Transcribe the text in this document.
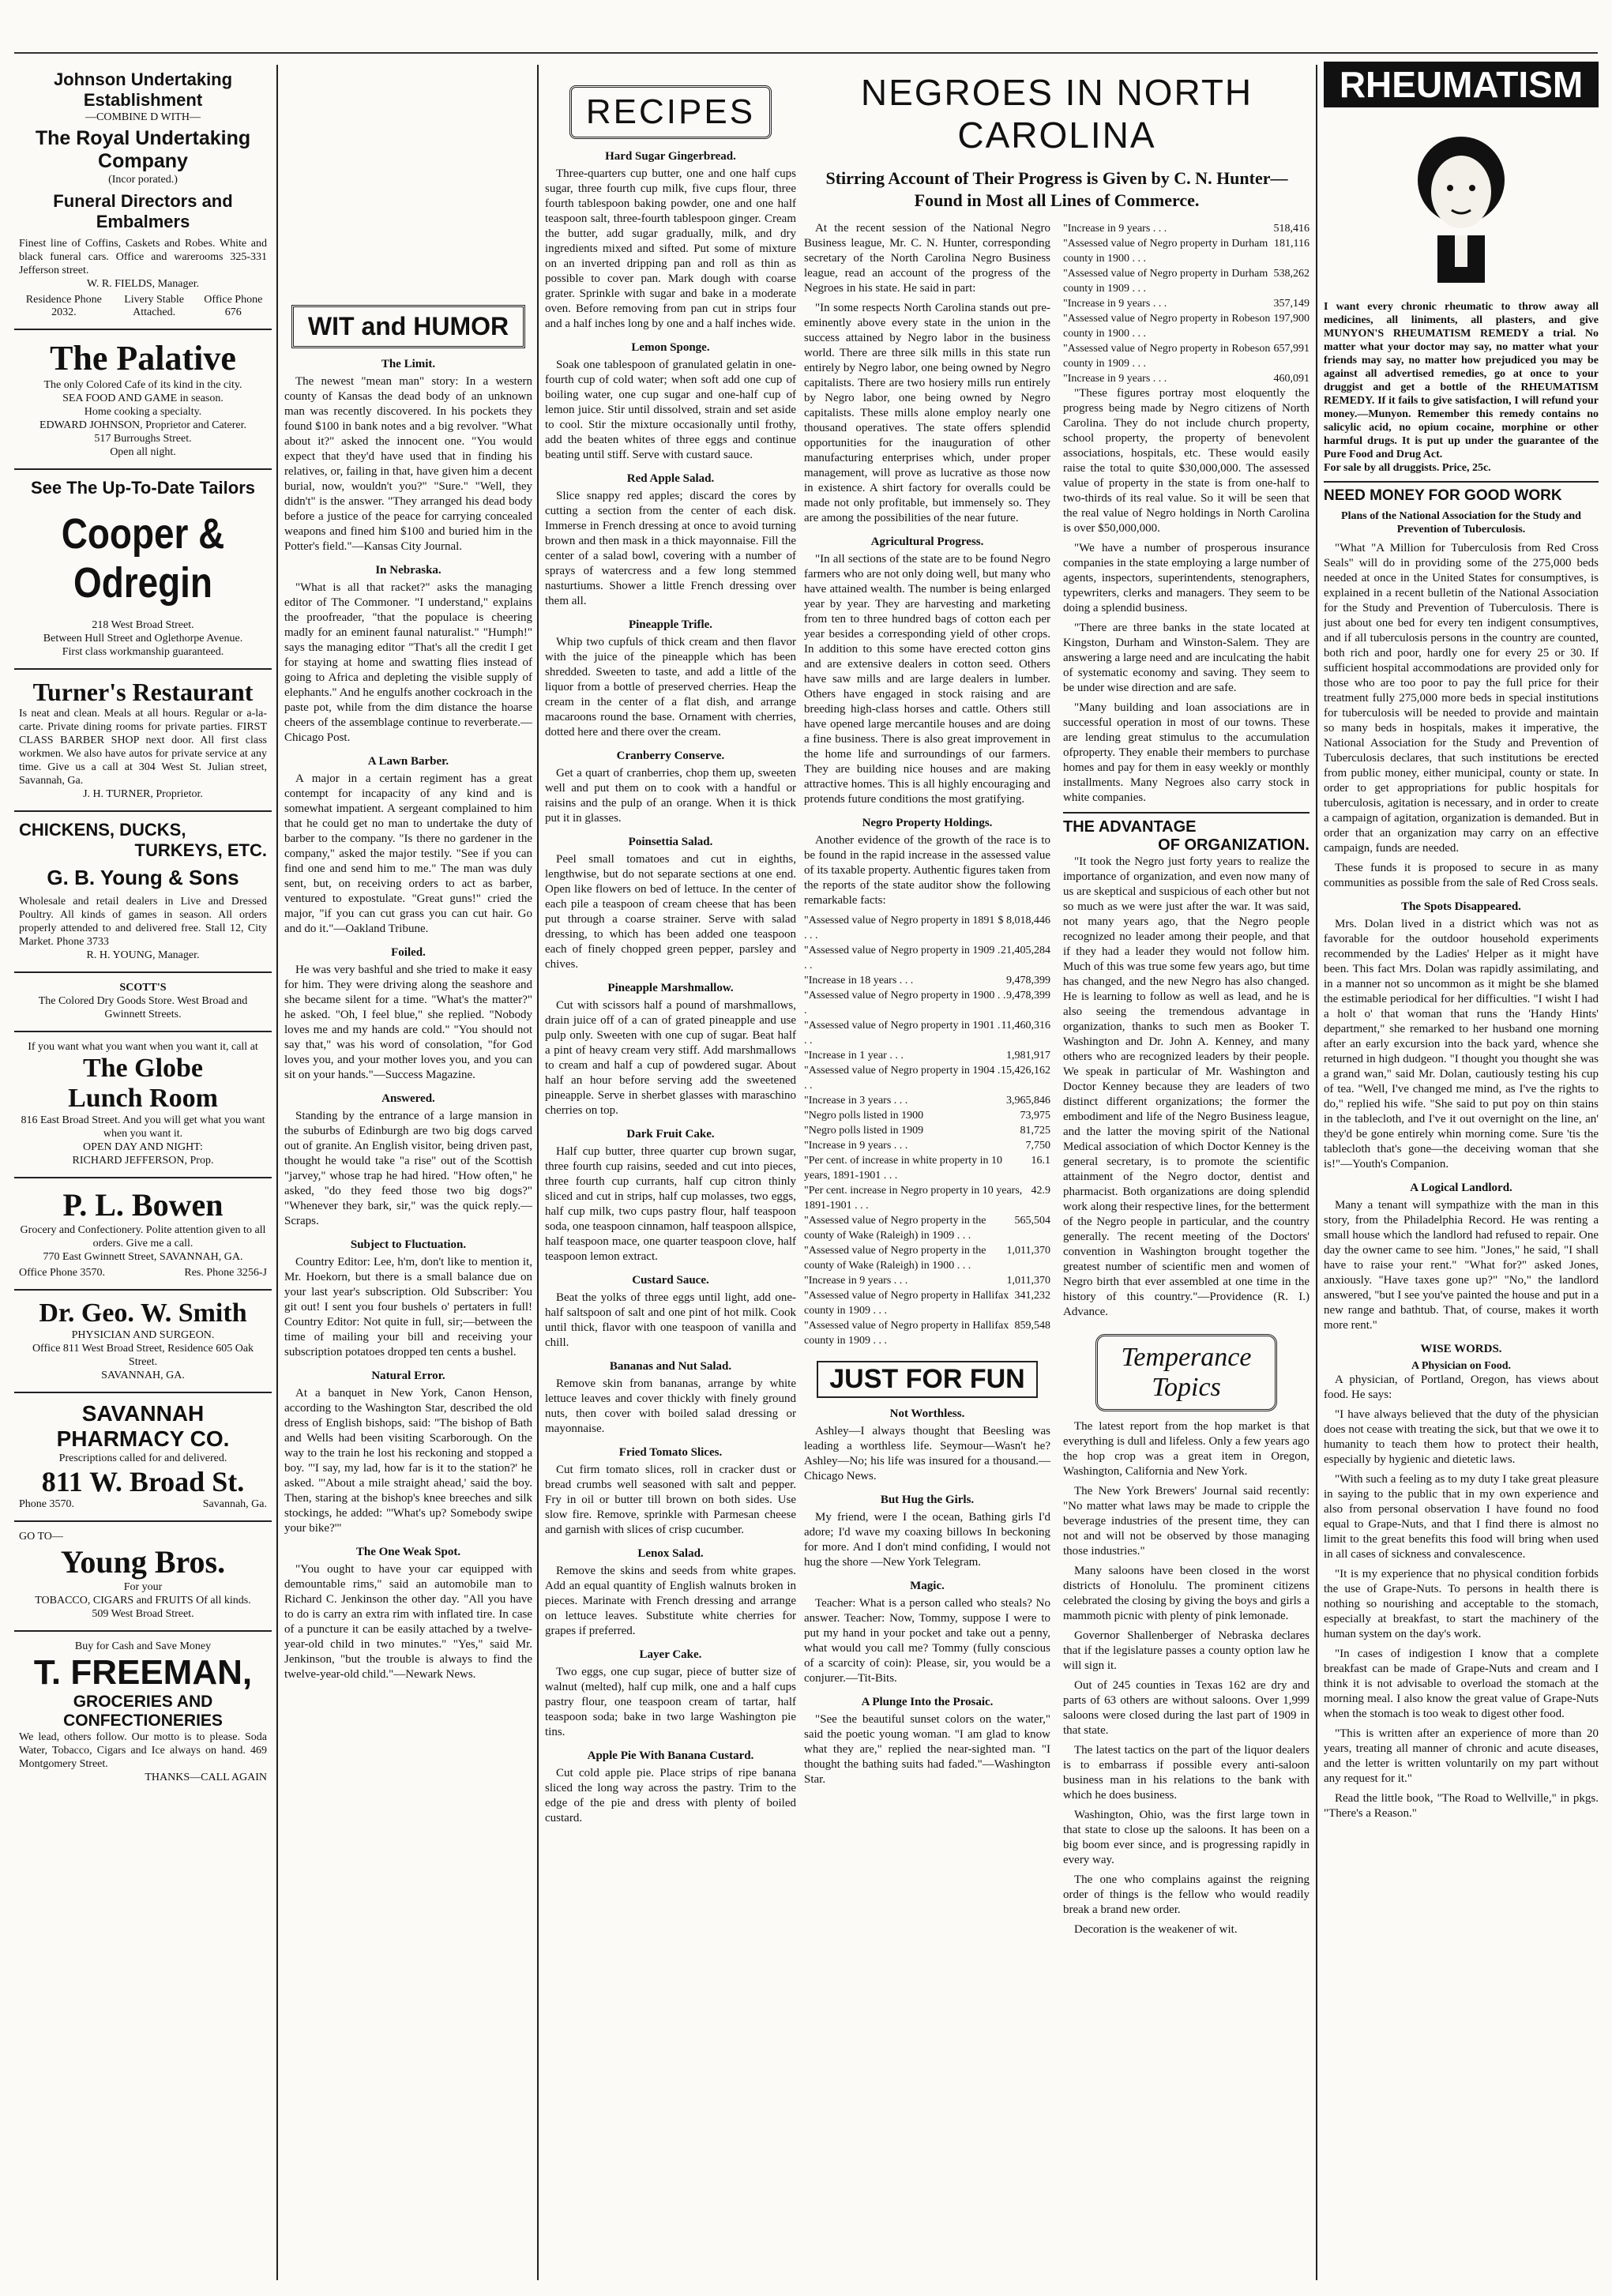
Johnson Undertaking Establishment
—COMBINE D WITH—
The Royal Undertaking Company
(Incor porated.)
Funeral Directors and Embalmers
Finest line of Coffins, Caskets and Robes. White and black funeral cars. Office and warerooms 325-331 Jefferson street.
W. R. FIELDS, Manager.
Residence Phone 2032.
Livery Stable Attached.
Office Phone 676
The Palative
The only Colored Cafe of its kind in the city.
SEA FOOD AND GAME in season.
Home cooking a specialty.
EDWARD JOHNSON, Proprietor and Caterer.
517 Burroughs Street.
Open all night.
See The Up-To-Date Tailors
Cooper & Odregin
218 West Broad Street.
Between Hull Street and Oglethorpe Avenue.
First class workmanship guaranteed.
Turner's Restaurant
Is neat and clean. Meals at all hours. Regular or a-la-carte. Private dining rooms for private parties. FIRST CLASS BARBER SHOP next door. All first class workmen. We also have autos for private service at any time. Give us a call at 304 West St. Julian street, Savannah, Ga.
J. H. TURNER, Proprietor.
CHICKENS, DUCKS,
TURKEYS, ETC.
G. B. Young & Sons
Wholesale and retail dealers in Live and Dressed Poultry. All kinds of games in season. All orders properly attended to and delivered free. Stall 12, City Market. Phone 3733
R. H. YOUNG, Manager.
SCOTT'S
The Colored Dry Goods Store. West Broad and Gwinnett Streets.
If you want what you want when you want it, call at
The Globe
Lunch Room
816 East Broad Street. And you will get what you want when you want it.
OPEN DAY AND NIGHT:
RICHARD JEFFERSON, Prop.
P. L. Bowen
Grocery and Confectionery. Polite attention given to all orders. Give me a call.
770 East Gwinnett Street, SAVANNAH, GA.
Office Phone 3570.	Res. Phone 3256-J
Dr. Geo. W. Smith
PHYSICIAN AND SURGEON.
Office 811 West Broad Street, Residence 605 Oak Street.
SAVANNAH, GA.
SAVANNAH PHARMACY CO.
Prescriptions called for and delivered.
811 W. Broad St.
Phone 3570.	Savannah, Ga.
GO TO—
Young Bros.
For your
TOBACCO, CIGARS and FRUITS Of all kinds.
509 West Broad Street.
Buy for Cash and Save Money
T. FREEMAN,
GROCERIES AND CONFECTIONERIES
We lead, others follow. Our motto is to please. Soda Water, Tobacco, Cigars and Ice always on hand. 469 Montgomery Street.
THANKS—CALL AGAIN
WIT and HUMOR
The Limit.

The newest "mean man" story: In a western county of Kansas the dead body of an unknown man was recently discovered. In his pockets they found $100 in bank notes and a big revolver. "What about it?" asked the innocent one. "You would expect that they'd have used that in finding his relatives, or, failing in that, have given him a decent burial, now, wouldn't you?" "Sure." "Well, they didn't" is the answer. "They arranged his dead body before a justice of the peace for carrying concealed weapons and fined him $100 and buried him in the Potter's field."—Kansas City Journal.

In Nebraska.

"What is all that racket?" asks the managing editor of The Commoner. "I understand," explains the proofreader, "that the populace is cheering madly for an eminent faunal naturalist." "Humph!" says the managing editor "That's all the credit I get for staying at home and swatting flies instead of going to Africa and depleting the visible supply of elephants." And he engulfs another cockroach in the paste pot, while from the dim distance the hoarse cheers of the assemblage continue to reverberate.—Chicago Post.

A Lawn Barber.

A major in a certain regiment has a great contempt for incapacity of any kind and is somewhat impatient. A sergeant complained to him that he could get no man to undertake the duty of barber to the company. "Is there no gardener in the company," asked the major testily. "See if you can find one and send him to me." The man was duly sent, but, on receiving orders to act as barber, ventured to expostulate. "Great guns!" cried the major, "if you can cut grass you can cut hair. Go and do it."—Oakland Tribune.

Foiled.

He was very bashful and she tried to make it easy for him. They were driving along the seashore and she became silent for a time. "What's the matter?" he asked. "Oh, I feel blue," she replied. "Nobody loves me and my hands are cold." "You should not say that," was his word of consolation, "for God loves you, and your mother loves you, and you can sit on your hands."—Success Magazine.

Answered.

Standing by the entrance of a large mansion in the suburbs of Edinburgh are two big dogs carved out of granite. An English visitor, being driven past, thought he would take "a rise" out of the Scottish "jarvey," whose trap he had hired. "How often," he asked, "do they feed those two big dogs?" "Whenever they bark, sir," was the quick reply.—Scraps.

Subject to Fluctuation.

Country Editor: Lee, h'm, don't like to mention it, Mr. Hoekorn, but there is a small balance due on your last year's subscription. Old Subscriber: You git out! I sent you four bushels o' pertaters in full! Country Editor: Not quite in full, sir;—between the time of mailing your bill and receiving your subscription potatoes dropped ten cents a bushel.

Natural Error.

At a banquet in New York, Canon Henson, according to the Washington Star, described the old dress of English bishops, said: "The bishop of Bath and Wells had been visiting Scarborough. On the way to the train he lost his reckoning and stopped a boy. "'I say, my lad, how far is it to the station?' he asked. "'About a mile straight ahead,' said the boy. Then, staring at the bishop's knee breeches and silk stockings, he added: "'What's up? Somebody swipe your bike?'"

The One Weak Spot.

"You ought to have your car equipped with demountable rims," said an automobile man to Richard C. Jenkinson the other day. "All you have to do is carry an extra rim with inflated tire. In case of a puncture it can be easily attached by a twelve-year-old child in two minutes." "Yes," said Mr. Jenkinson, "but the trouble is always to find the twelve-year-old child."—Newark News.

RECIPES
Hard Sugar Gingerbread.

Three-quarters cup butter, one and one half cups sugar, three fourth cup milk, five cups flour, three fourth tablespoon baking powder, one and one half teaspoon salt, three-fourth tablespoon ginger. Cream the butter, add sugar gradually, milk, and dry ingredients mixed and sifted. Put some of mixture on an inverted dripping pan and roll as thin as possible to cover pan. Mark dough with coarse grater. Sprinkle with sugar and bake in a moderate oven. Before removing from pan cut in strips four and a half inches long by one and a half inches wide.

Lemon Sponge.

Soak one tablespoon of granulated gelatin in one-fourth cup of cold water; when soft add one cup of boiling water, one cup sugar and one-half cup of lemon juice. Stir until dissolved, strain and set aside to cool. Stir the mixture occasionally until frothy, add the beaten whites of three eggs and continue beating until stiff. Serve with custard sauce.

Red Apple Salad.

Slice snappy red apples; discard the cores by cutting a section from the center of each disk. Immerse in French dressing at once to avoid turning brown and then mask in a thick mayonnaise. Fill the center of a salad bowl, covering with a number of sprays of watercress and a few long stemmed nasturtiums. Shower a little French dressing over them all.

Pineapple Trifle.

Whip two cupfuls of thick cream and then flavor with the juice of the pineapple which has been shredded. Sweeten to taste, and add a little of the liquor from a bottle of preserved cherries. Heap the cream in the center of a flat dish, and arrange macaroons round the base. Ornament with cherries, dotted here and there over the cream.

Cranberry Conserve.

Get a quart of cranberries, chop them up, sweeten well and put them on to cook with a handful or raisins and the pulp of an orange. When it is thick put it in glasses.

Poinsettia Salad.

Peel small tomatoes and cut in eighths, lengthwise, but do not separate sections at one end. Open like flowers on bed of lettuce. In the center of each pile a teaspoon of cream cheese that has been put through a coarse strainer. Serve with salad dressing, to which has been added one teaspoon each of finely chopped green pepper, parsley and chives.

Pineapple Marshmallow.

Cut with scissors half a pound of marshmallows, drain juice off of a can of grated pineapple and use pulp only. Sweeten with one cup of sugar. Beat half a pint of heavy cream very stiff. Add marshmallows to cream and half a cup of powdered sugar. About half an hour before serving add the sweetened pineapple. Serve in sherbet glasses with maraschino cherries on top.

Dark Fruit Cake.

Half cup butter, three quarter cup brown sugar, three fourth cup raisins, seeded and cut into pieces, three fourth cup currants, half cup citron thinly sliced and cut in strips, half cup molasses, two eggs, half cup milk, two cups pastry flour, half teaspoon soda, one teaspoon cinnamon, half teaspoon allspice, half teaspoon mace, one quarter teaspoon clove, half teaspoon lemon extract.

Custard Sauce.

Beat the yolks of three eggs until light, add one-half saltspoon of salt and one pint of hot milk. Cook until thick, flavor with one teaspoon of vanilla and chill.

Bananas and Nut Salad.

Remove skin from bananas, arrange by white lettuce leaves and cover thickly with finely ground nuts, then cover with boiled salad dressing or mayonnaise.

Fried Tomato Slices.

Cut firm tomato slices, roll in cracker dust or bread crumbs well seasoned with salt and pepper. Fry in oil or butter till brown on both sides. Use slow fire. Remove, sprinkle with Parmesan cheese and garnish with slices of crisp cucumber.

Lenox Salad.

Remove the skins and seeds from white grapes. Add an equal quantity of English walnuts broken in pieces. Marinate with French dressing and arrange on lettuce leaves. Substitute white cherries for grapes if preferred.

Layer Cake.

Two eggs, one cup sugar, piece of butter size of walnut (melted), half cup milk, one and a half cups pastry flour, one teaspoon cream of tartar, half teaspoon soda; bake in two large Washington pie tins.

Apple Pie With Banana Custard.

Cut cold apple pie. Place strips of ripe banana sliced the long way across the pastry. Trim to the edge of the pie and dress with plenty of boiled custard.

NEGROES IN NORTH CAROLINA
Stirring Account of Their Progress is Given by C. N. Hunter—Found in Most all Lines of Commerce.

At the recent session of the National Negro Business league, Mr. C. N. Hunter, corresponding secretary of the North Carolina Negro Business league, read an account of the progress of the Negroes in his state. He said in part:

"In some respects North Carolina stands out pre-eminently above every state in the union in the success attained by Negro labor in the business world. There are three silk mills in this state run entirely by Negro labor, one being owned by Negro capitalists. There are two hosiery mills run entirely by Negro labor, one being owned by Negro capitalists. These mills alone employ nearly one thousand operatives. The state offers splendid opportunities for the inauguration of other manufacturing enterprises which, under proper management, will prove as lucrative as those now in existence. A shirt factory for overalls could be made not only profitable, but immensely so. They are among the possibilities of the near future.

Agricultural Progress.

"In all sections of the state are to be found Negro farmers who are not only doing well, but many who have attained wealth. The number is being enlarged year by year. They are harvesting and marketing from ten to three hundred bags of cotton each per year besides a corresponding yield of other crops. In addition to this some have erected cotton gins and are extensive dealers in cotton seed. Others have saw mills and are large dealers in lumber. Others have engaged in stock raising and are breeding high-class horses and cattle. Others still have opened large mercantile houses and are doing a fine business. There is also great improvement in the home life and surroundings of our farmers. They are building nice houses and are making attractive homes. This is all highly encouraging and protends future conditions the most gratifying.

Negro Property Holdings.

Another evidence of the growth of the race is to be found in the rapid increase in the assessed value of its taxable property. Authentic figures taken from the reports of the state auditor show the following remarkable facts:

"Assessed value of Negro property in 1891 . . .
$ 8,018,446
"Assessed value of Negro property in 1909 . . .
21,405,284
"Increase in 18 years . . .	9,478,399
"Assessed value of Negro property in 1900 . . .
9,478,399
"Assessed value of Negro property in 1901 . . .
11,460,316
"Increase in 1 year . . .	1,981,917
"Assessed value of Negro property in 1904 . . .
15,426,162
"Increase in 3 years . . .	3,965,846
"Negro polls listed in 1900	73,975
"Negro polls listed in 1909	81,725
"Increase in 9 years . . .	7,750
"Per cent. of increase in white property in 10 years, 1891-1901 . . .
16.1
"Per cent. increase in Negro property in 10 years, 1891-1901 . . .
42.9
"Assessed value of Negro property in the county of Wake (Raleigh) in 1909 . . .
565,504
"Assessed value of Negro property in the county of Wake (Raleigh) in 1900 . . .
1,011,370
"Increase in 9 years . . .	1,011,370
"Assessed value of Negro property in Hallifax county in 1909 . . .
341,232
"Assessed value of Negro property in Hallifax county in 1909 . . .
859,548
JUST FOR FUN
Not Worthless.

Ashley—I always thought that Beesling was leading a worthless life. Seymour—Wasn't he? Ashley—No; his life was insured for a thousand.—Chicago News.

But Hug the Girls.

My friend, were I the ocean, Bathing girls I'd adore; I'd wave my coaxing billows In beckoning for more. And I don't mind confiding, I would not hug the shore —New York Telegram.

Magic.

Teacher: What is a person called who steals? No answer. Teacher: Now, Tommy, suppose I were to put my hand in your pocket and take out a penny, what would you call me? Tommy (fully conscious of a scarcity of coin): Please, sir, you would be a conjurer.—Tit-Bits.

A Plunge Into the Prosaic.

"See the beautiful sunset colors on the water," said the poetic young woman. "I am glad to know what they are," replied the near-sighted man. "I thought the bathing suits had faded."—Washington Star.

"Increase in 9 years . . .	518,416
"Assessed value of Negro property in Durham county in 1900 . . .
181,116
"Assessed value of Negro property in Durham county in 1909 . . .
538,262
"Increase in 9 years . . .	357,149
"Assessed value of Negro property in Robeson county in 1900 . . .
197,900
"Assessed value of Negro property in Robeson county in 1909 . . .
657,991
"Increase in 9 years . . .	460,091

"These figures portray most eloquently the progress being made by Negro citizens of North Carolina. They do not include church property, school property, the property of benevolent associations, hospitals, etc. These would easily raise the total to quite $30,000,000. The assessed value of property in the state is from one-half to two-thirds of its real value. So it will be seen that the real value of Negro holdings in North Carolina is over $50,000,000.

"We have a number of prosperous insurance companies in the state employing a large number of agents, inspectors, superintendents, stenographers, typewriters, clerks and managers. They seem to be doing a splendid business.

"There are three banks in the state located at Kingston, Durham and Winston-Salem. They are answering a large need and are inculcating the habit of systematic economy and saving. They seem to be under wise direction and are safe.

"Many building and loan associations are in successful operation in most of our towns. These are lending great stimulus to the accumulation ofproperty. They enable their members to purchase homes and pay for them in easy weekly or monthly installments. Many Negroes also carry stock in white companies.

THE ADVANTAGE
OF ORGANIZATION.

"It took the Negro just forty years to realize the importance of organization, and even now many of us are skeptical and suspicious of each other but not so much as we were just after the war. It was said, not many years ago, that the Negro people recognized no leader among their people, and that if they had a leader they would not follow him. Much of this was true some few years ago, but time has changed, and the new Negro has also changed. He is learning to follow as well as lead, and he is also seeing the tremendous advantage in organization, thanks to such men as Booker T. Washington and Dr. John A. Kenney, and many others who are recognized leaders by their people. We speak in particular of Mr. Washington and Doctor Kenney because they are leaders of two distinct different organizations; the former the embodiment and life of the Negro Business league, and the latter the moving spirit of the National Medical association of which Doctor Kenney is the general secretary, is to promote the scientific attainment of the Negro doctor, dentist and pharmacist. Both organizations are doing splendid work along their respective lines, for the betterment of the Negro people in particular, and the country generally. The recent meeting of the Doctors' convention in Washington brought together the greatest number of scientific men and women of Negro birth that ever assembled at one time in the history of this country."—Providence (R. I.) Advance.

Temperance
Topics

The latest report from the hop market is that everything is dull and lifeless. Only a few years ago the hop crop was a great item in Oregon, Washington, California and New York.

The New York Brewers' Journal said recently: "No matter what laws may be made to cripple the beverage industries of the present time, they can not and will not be observed by those managing those industries."

Many saloons have been closed in the worst districts of Honolulu. The prominent citizens celebrated the closing by giving the boys and girls a mammoth picnic with plenty of pink lemonade.

Governor Shallenberger of Nebraska declares that if the legislature passes a county option law he will sign it.

Out of 245 counties in Texas 162 are dry and parts of 63 others are without saloons. Over 1,999 saloons were closed during the last part of 1909 in that state.

The latest tactics on the part of the liquor dealers is to embarrass if possible every anti-saloon business man in his relations to the bank with which he does business.

Washington, Ohio, was the first large town in that state to close up the saloons. It has been on a big boom ever since, and is progressing rapidly in every way.

The one who complains against the reigning order of things is the fellow who would readily break a brand new order.

Decoration is the weakener of wit.

RHEUMATISM
I want every chronic rheumatic to throw away all medicines, all liniments, all plasters, and give MUNYON'S RHEUMATISM REMEDY a trial. No matter what your doctor may say, no matter what your friends may say, no matter how prejudiced you may be against all advertised remedies, go at once to your druggist and get a bottle of the RHEUMATISM REMEDY. If it fails to give satisfaction, I will refund your money.—Munyon. Remember this remedy contains no salicylic acid, no opium cocaine, morphine or other harmful drugs. It is put up under the guarantee of the Pure Food and Drug Act.
For sale by all druggists. Price, 25c.
NEED MONEY FOR GOOD WORK
Plans of the National Association for the Study and Prevention of Tuberculosis.

"What "A Million for Tuberculosis from Red Cross Seals" will do in providing some of the 275,000 beds needed at once in the United States for consumptives, is explained in a recent bulletin of the National Association for the Study and Prevention of Tuberculosis. There is just about one bed for every ten indigent consumptives, and if all tuberculosis persons in the country are counted, both rich and poor, hardly one for every 25 or 30. If sufficient hospital accommodations are provided only for those who are too poor to pay the full price for their treatment fully 275,000 more beds in special institutions for tuberculosis will be needed to provide and maintain so many beds in hospitals, makes it imperative, the National Association for the Study and Prevention of Tuberculosis declares, that such institutions be erected from public money, either municipal, county or state. In order to get appropriations for public hospitals for tuberculosis, agitation is necessary, and in order to create a campaign of agitation, organization is demanded. But in order that an organization may carry on an effective campaign, funds are needed.

These funds it is proposed to secure in as many communities as possible from the sale of Red Cross seals.

The Spots Disappeared.

Mrs. Dolan lived in a district which was not as favorable for the outdoor household experiments recommended by the Ladies' Helper as it might have been. This fact Mrs. Dolan was rapidly assimilating, and in a manner not so uncommon as it might be she blamed the estimable periodical for her difficulties. "I wisht I had a holt o' that woman that runs the 'Handy Hints' department," she remarked to her husband one morning after an early excursion into the back yard, whence she returned in high dudgeon. "I thought you thought she was a grand wan," said Mr. Dolan, cautiously testing his cup of tea. "Well, I've changed me mind, as I've the rights to do," replied his wife. "She said to put poy on thin stains in the tablecloth, and I've it out overnight on the line, an' they'd be gone entirely whin morning come. Sure 'tis the tablecloth that's gone—the deceiving woman that she is!"—Youth's Companion.

A Logical Landlord.

Many a tenant will sympathize with the man in this story, from the Philadelphia Record. He was renting a small house which the landlord had refused to repair. One day the owner came to see him. "Jones," he said, "I shall have to raise your rent." "What for?" asked Jones, anxiously. "Have taxes gone up?" "No," the landlord answered, "but I see you've painted the house and put in a new range and bathtub. That, of course, makes it worth more rent."

WISE WORDS.
A Physician on Food.

A physician, of Portland, Oregon, has views about food. He says:

"I have always believed that the duty of the physician does not cease with treating the sick, but that we owe it to humanity to teach them how to protect their health, especially by hygienic and dietetic laws.

"With such a feeling as to my duty I take great pleasure in saying to the public that in my own experience and also from personal observation I have found no food equal to Grape-Nuts, and that I find there is almost no limit to the great benefits this food will bring when used in all cases of sickness and convalescence.

"It is my experience that no physical condition forbids the use of Grape-Nuts. To persons in health there is nothing so nourishing and acceptable to the stomach, especially at breakfast, to start the machinery of the human system on the day's work.

"In cases of indigestion I know that a complete breakfast can be made of Grape-Nuts and cream and I think it is not advisable to overload the stomach at the morning meal. I also know the great value of Grape-Nuts when the stomach is too weak to digest other food.

"This is written after an experience of more than 20 years, treating all manner of chronic and acute diseases, and the letter is written voluntarily on my part without any request for it."

Read the little book, "The Road to Wellville," in pkgs. "There's a Reason."
